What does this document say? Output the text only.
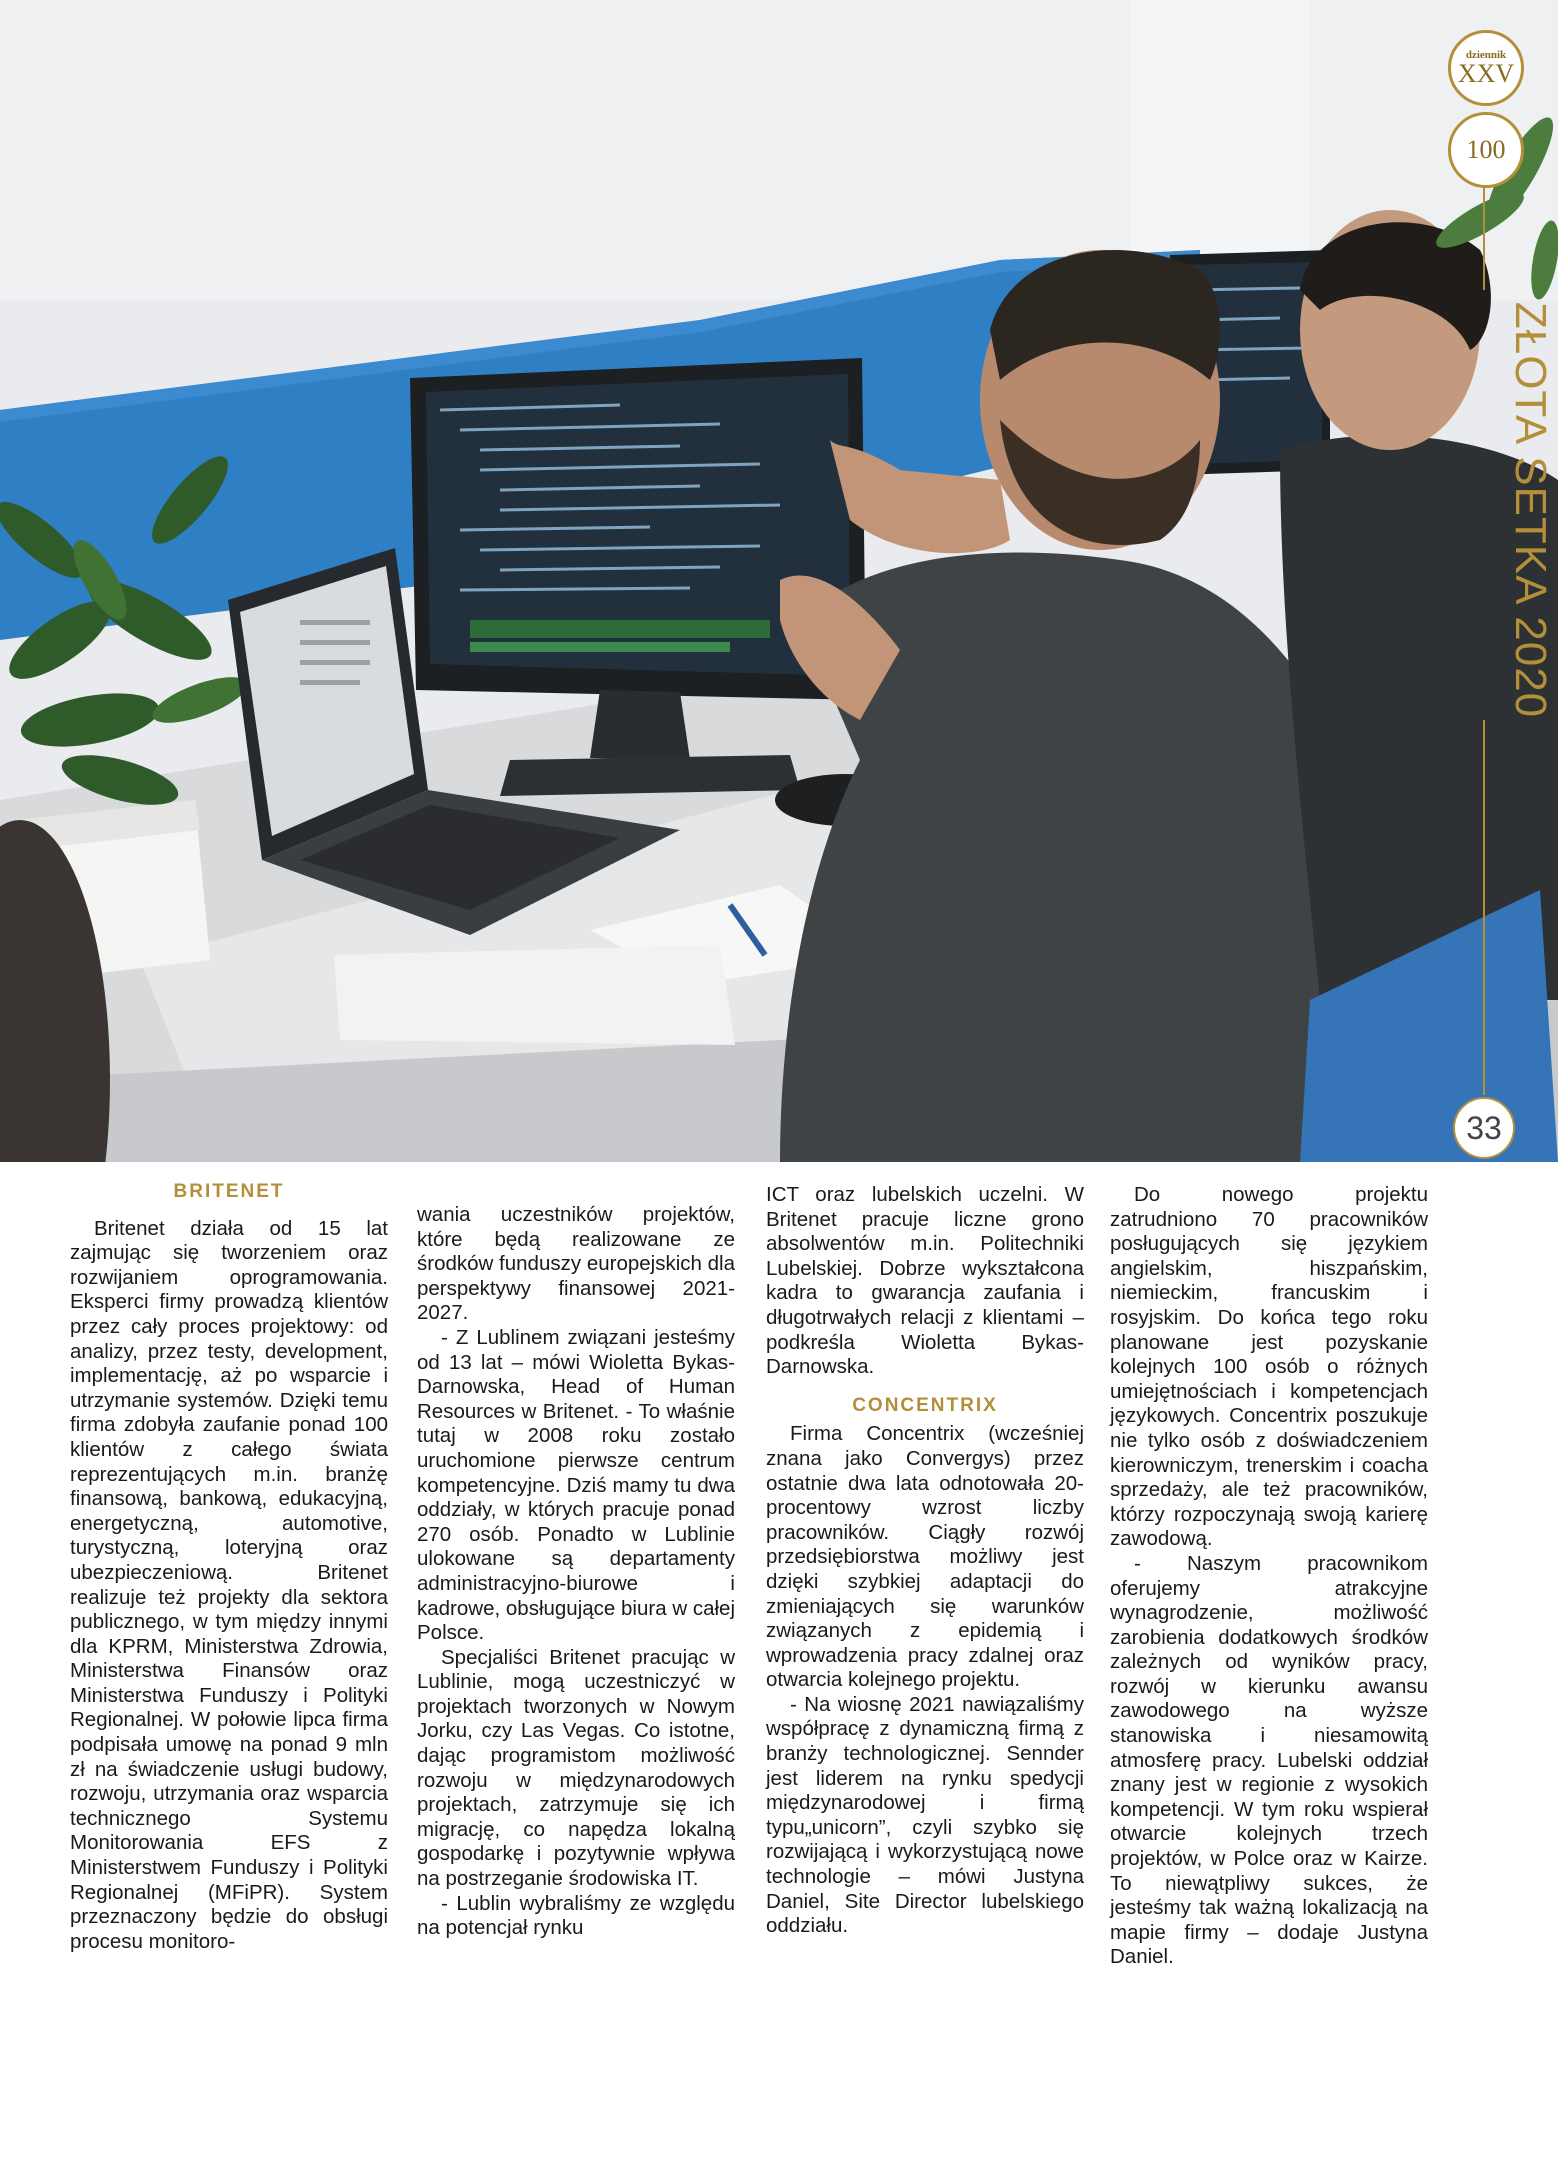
dziennik
XXV
100
ZŁOTA SETKA 2020
33
BRITENET

Britenet działa od 15 lat zajmując się tworzeniem oraz rozwijaniem oprogramowania. Eksperci firmy prowadzą klientów przez cały proces projektowy: od analizy, przez testy, development, implementację, aż po wsparcie i utrzymanie systemów. Dzięki temu firma zdobyła zaufanie ponad 100 klientów z całego świata reprezentujących m.in. branżę finansową, bankową, edukacyjną, energetyczną, automotive, turystyczną, loteryjną oraz ubezpieczeniową. Britenet realizuje też projekty dla sektora publicznego, w tym między innymi dla KPRM, Ministerstwa Zdrowia, Ministerstwa Finansów oraz Ministerstwa Funduszy i Polityki Regionalnej. W połowie lipca firma podpisała umowę na ponad 9 mln zł na świadczenie usługi budowy, rozwoju, utrzymania oraz wsparcia technicznego Systemu Monitorowania EFS z Ministerstwem Funduszy i Polityki Regionalnej (MFiPR). System przeznaczony będzie do obsługi procesu monitoro-

wania uczestników projektów, które będą realizowane ze środków funduszy europejskich dla perspektywy finansowej 2021-2027.

- Z Lublinem związani jesteśmy od 13 lat – mówi Wioletta Bykas-Darnowska, Head of Human Resources w Britenet. - To właśnie tutaj w 2008 roku zostało uruchomione pierwsze centrum kompetencyjne. Dziś mamy tu dwa oddziały, w których pracuje ponad 270 osób. Ponadto w Lublinie ulokowane są departamenty administracyjno-biurowe i kadrowe, obsługujące biura w całej Polsce.

Specjaliści Britenet pracując w Lublinie, mogą uczestniczyć w projektach tworzonych w Nowym Jorku, czy Las Vegas. Co istotne, dając programistom możliwość rozwoju w międzynarodowych projektach, zatrzymuje się ich migrację, co napędza lokalną gospodarkę i pozytywnie wpływa na postrzeganie środowiska IT.

- Lublin wybraliśmy ze względu na potencjał rynku

ICT oraz lubelskich uczelni. W Britenet pracuje liczne grono absolwentów m.in. Politechniki Lubelskiej. Dobrze wykształcona kadra to gwarancja zaufania i długotrwałych relacji z klientami – podkreśla Wioletta Bykas-Darnowska.

CONCENTRIX

Firma Concentrix (wcześniej znana jako Convergys) przez ostatnie dwa lata odnotowała 20-procentowy wzrost liczby pracowników. Ciągły rozwój przedsiębiorstwa możliwy jest dzięki szybkiej adaptacji do zmieniających się warunków związanych z epidemią i wprowadzenia pracy zdalnej oraz otwarcia kolejnego projektu.

- Na wiosnę 2021 nawiązaliśmy współpracę z dynamiczną firmą z branży technologicznej. Sennder jest liderem na rynku spedycji międzynarodowej i firmą typu„unicorn”, czyli szybko się rozwijającą i wykorzystującą nowe technologie – mówi Justyna Daniel, Site Director lubelskiego oddziału.

Do nowego projektu zatrudniono 70 pracowników posługujących się językiem angielskim, hiszpańskim, niemieckim, francuskim i rosyjskim. Do końca tego roku planowane jest pozyskanie kolejnych 100 osób o różnych umiejętnościach i kompetencjach językowych. Concentrix poszukuje nie tylko osób z doświadczeniem kierowniczym, trenerskim i coacha sprzedaży, ale też pracowników, którzy rozpoczynają swoją karierę zawodową.

- Naszym pracownikom oferujemy atrakcyjne wynagrodzenie, możliwość zarobienia dodatkowych środków zależnych od wyników pracy, rozwój w kierunku awansu zawodowego na wyższe stanowiska i niesamowitą atmosferę pracy. Lubelski oddział znany jest w regionie z wysokich kompetencji. W tym roku wspierał otwarcie kolejnych trzech projektów, w Polce oraz w Kairze. To niewątpliwy sukces, że jesteśmy tak ważną lokalizacją na mapie firmy – dodaje Justyna Daniel.
